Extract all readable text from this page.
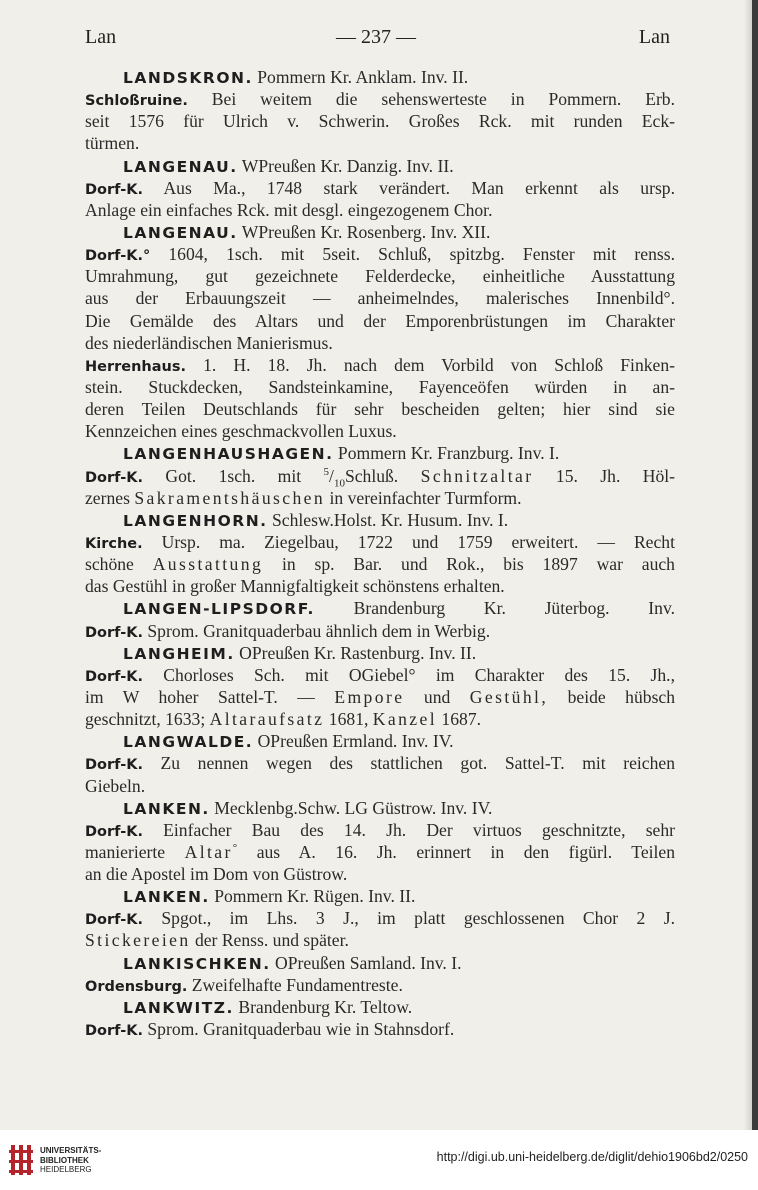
Lan	— 237 —	Lan
LANDSKRON. Pommern Kr. Anklam. Inv. II.
Schloßruine. Bei weitem die sehenswerteste in Pommern. Erb.
seit 1576 für Ulrich v. Schwerin. Großes Rck. mit runden Eck-
türmen.
LANGENAU. WPreußen Kr. Danzig. Inv. II.
Dorf-K. Aus Ma., 1748 stark verändert. Man erkennt als ursp.
Anlage ein einfaches Rck. mit desgl. eingezogenem Chor.
LANGENAU. WPreußen Kr. Rosenberg. Inv. XII.
Dorf-K.° 1604, 1sch. mit 5seit. Schluß, spitzbg. Fenster mit renss.
Umrahmung, gut gezeichnete Felderdecke, einheitliche Ausstattung
aus der Erbauungszeit — anheimelndes, malerisches Innenbild°.
Die Gemälde des Altars und der Emporenbrüstungen im Charakter
des niederländischen Manierismus.
Herrenhaus. 1. H. 18. Jh. nach dem Vorbild von Schloß Finken-
stein. Stuckdecken, Sandsteinkamine, Fayenceöfen würden in an-
deren Teilen Deutschlands für sehr bescheiden gelten; hier sind sie
Kennzeichen eines geschmackvollen Luxus.
LANGENHAUSHAGEN. Pommern Kr. Franzburg. Inv. I.
Dorf-K. Got. 1sch. mit $^5/_{10}Schluß$. Schnitzaltar 15. Jh. Höl-
zernes Sakramentshäuschen in vereinfachter Turmform.
LANGENHORN. Schlesw.Holst. Kr. Husum. Inv. I.
Kirche. Ursp. ma. Ziegelbau, 1722 und 1759 erweitert. — Recht
schöne Ausstattung in sp. Bar. und Rok., bis 1897 war auch
das Gestühl in großer Mannigfaltigkeit schönstens erhalten.
LANGEN-LIPSDORF. Brandenburg Kr. Jüterbog. Inv.
Dorf-K. Sprom. Granitquaderbau ähnlich dem in Werbig.
LANGHEIM. OPreußen Kr. Rastenburg. Inv. II.
Dorf-K. Chorloses Sch. mit OGiebel° im Charakter des 15. Jh.,
im W hoher Sattel-T. — Empore und Gestühl, beide hübsch
geschnitzt, 1633; Altaraufsatz 1681, Kanzel 1687.
LANGWALDE. OPreußen Ermland. Inv. IV.
Dorf-K. Zu nennen wegen des stattlichen got. Sattel-T. mit reichen
Giebeln.
LANKEN. Mecklenbg.Schw. LG Güstrow. Inv. IV.
Dorf-K. Einfacher Bau des 14. Jh. Der virtuos geschnitzte, sehr
manierierte Altar° aus A. 16. Jh. erinnert in den figürl. Teilen
an die Apostel im Dom von Güstrow.
LANKEN. Pommern Kr. Rügen. Inv. II.
Dorf-K. Spgot., im Lhs. 3 J., im platt geschlossenen Chor 2 J.
Stickereien der Renss. und später.
LANKISCHKEN. OPreußen Samland. Inv. I.
Ordensburg. Zweifelhafte Fundamentreste.
LANKWITZ. Brandenburg Kr. Teltow.
Dorf-K. Sprom. Granitquaderbau wie in Stahnsdorf.
UNIVERSITÄTS-
BIBLIOTHEK
HEIDELBERG
http://digi.ub.uni-heidelberg.de/diglit/dehio1906bd2/0250
